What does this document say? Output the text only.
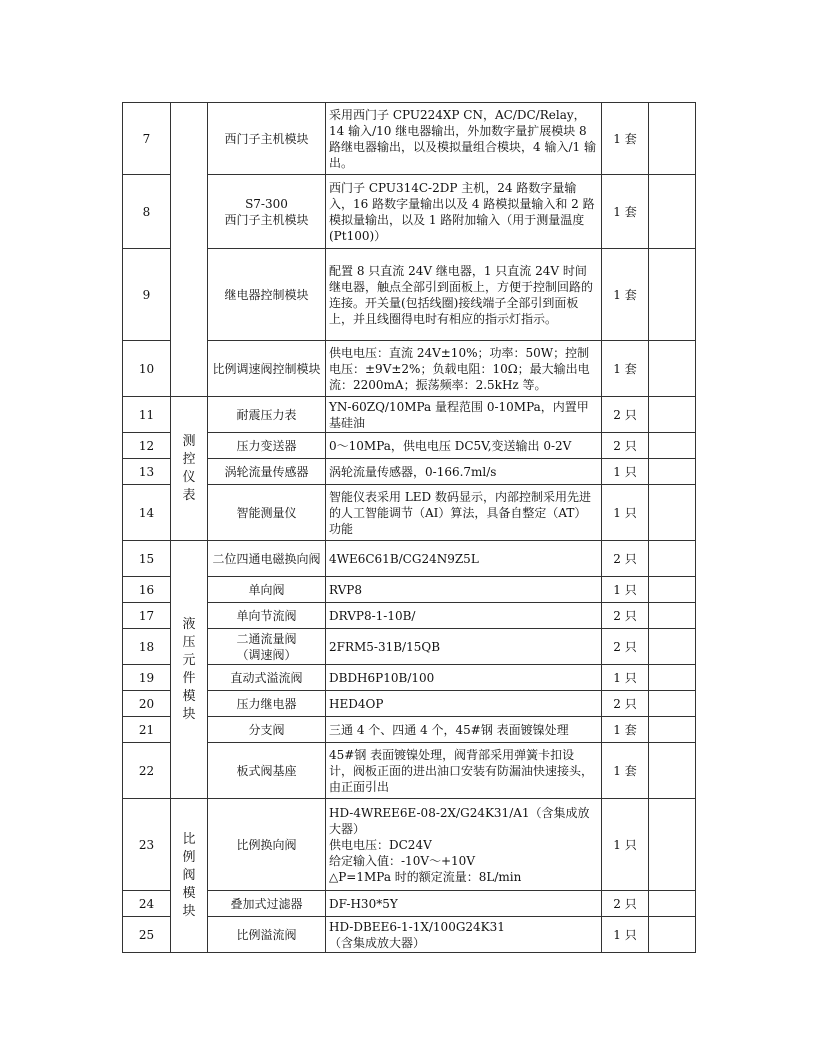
7		西门子主机模块	采用西门子 CPU224XP CN，AC/DC/Relay，14 输入/10 继电器输出，外加数字量扩展模块 8 路继电器输出，以及模拟量组合模块，4 输入/1 输出。	1 套	
8		S7-300
西门子主机模块	西门子 CPU314C-2DP 主机，24 路数字量输入，16 路数字量输出以及 4 路模拟量输入和 2 路模拟量输出，以及 1 路附加输入（用于测量温度 (Pt100)）	1 套	
9		继电器控制模块	配置 8 只直流 24V 继电器，1 只直流 24V 时间继电器，触点全部引到面板上，方便于控制回路的连接。开关量(包括线圈)接线端子全部引到面板上，并且线圈得电时有相应的指示灯指示。	1 套	
10		比例调速阀控制模块	供电电压：直流 24V±10%；功率：50W；控制电压：±9V±2%；负载电阻：10Ω；最大输出电流：2200mA；振荡频率：2.5kHz 等。	1 套	
11	测控仪表	耐震压力表	YN-60ZQ/10MPa 量程范围 0-10MPa，内置甲基硅油	2 只	
12		压力变送器	0～10MPa，供电电压 DC5V,变送输出 0-2V	2 只	
13		涡轮流量传感器	涡轮流量传感器，0-166.7ml/s	1 只	
14		智能测量仪	智能仪表采用 LED 数码显示，内部控制采用先进的人工智能调节（AI）算法，具备自整定（AT）功能	1 只	
15	液压元件模块	二位四通电磁换向阀	4WE6C61B/CG24N9Z5L	2 只	
16		单向阀	RVP8	1 只	
17		单向节流阀	DRVP8-1-10B/	2 只	
18		二通流量阀
（调速阀）	2FRM5-31B/15QB	2 只	
19		直动式溢流阀	DBDH6P10B/100	1 只	
20		压力继电器	HED4OP	2 只	
21		分支阀	三通 4 个、四通 4 个，45#钢 表面镀镍处理	1 套	
22		板式阀基座	45#钢 表面镀镍处理，阀背部采用弹簧卡扣设计，阀板正面的进出油口安装有防漏油快速接头，由正面引出	1 套	
23	比例阀模块	比例换向阀	HD-4WREE6E-08-2X/G24K31/A1（含集成放大器）
供电电压：DC24V
给定输入值：-10V～+10V
△P=1MPa 时的额定流量：8L/min	1 只	
24		叠加式过滤器	DF-H30*5Y	2 只	
25		比例溢流阀	HD-DBEE6-1-1X/100G24K31
（含集成放大器）	1 只	
